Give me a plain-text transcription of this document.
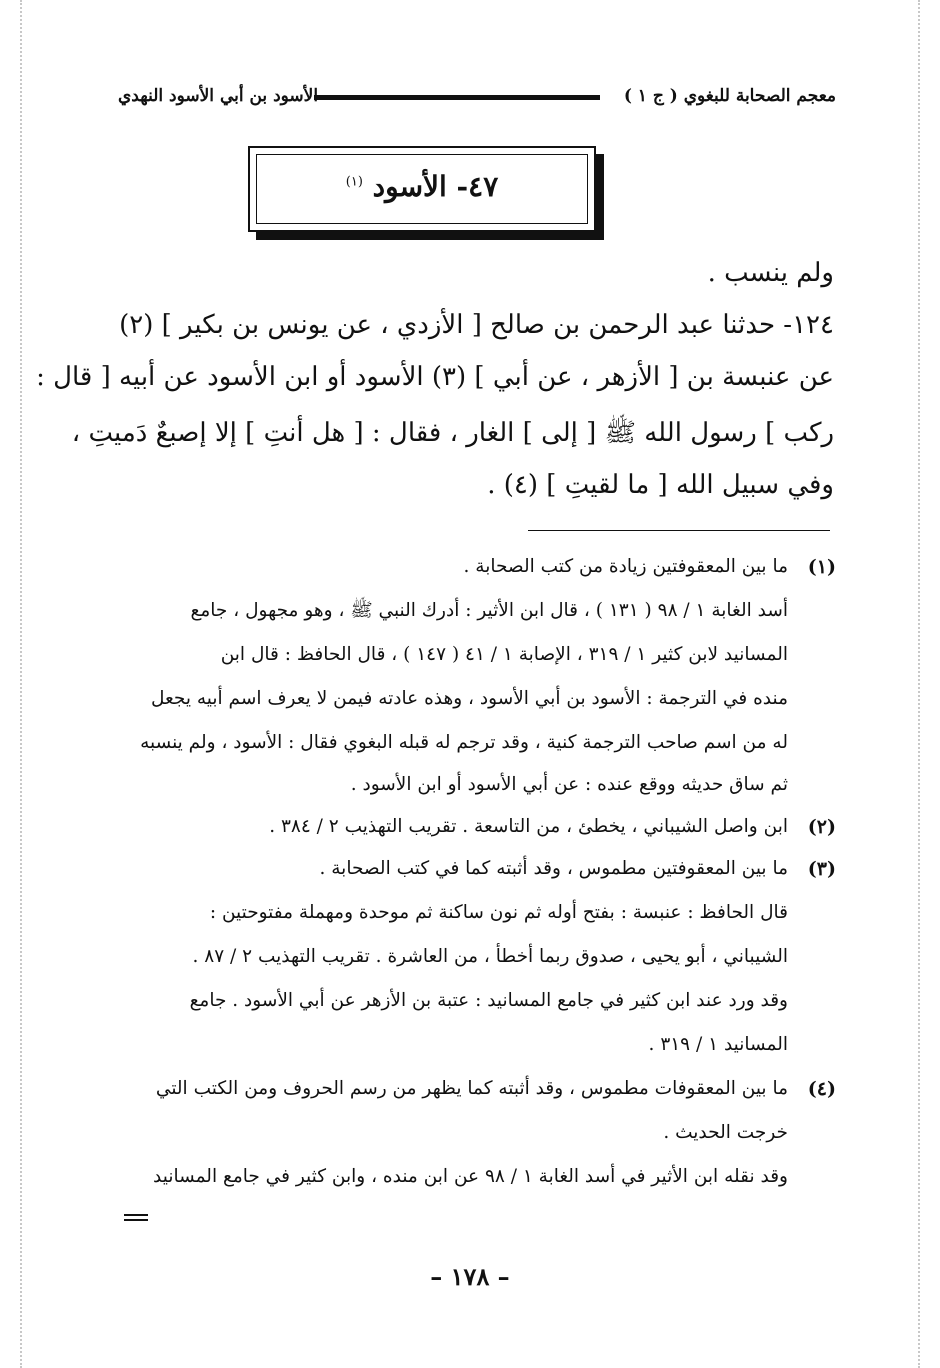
معجم الصحابة للبغوي ( ج ١ )
الأسود بن أبي الأسود النهدي
٤٧- الأسود $^{(١)}$
ولم ينسب .
١٢٤- حدثنا عبد الرحمن بن صالح [ الأزدي ، عن يونس بن بكير ] (٢)
عن عنبسة بن [ الأزهر ، عن أبي ] (٣) الأسود أو ابن الأسود عن أبيه [ قال :
ركب ] رسول الله ﷺ [ إلى ] الغار ، فقال : [ هل أنتِ ] إلا إصبعٌ دَميتِ ،
وفي سبيل الله [ ما لقيتِ ] (٤) .
(١)
ما بين المعقوفتين زيادة من كتب الصحابة .
أسد الغابة ١ / ٩٨ ( ١٣١ ) ، قال ابن الأثير : أدرك النبي ﷺ ، وهو مجهول ، جامع
المسانيد لابن كثير ١ / ٣١٩ ، الإصابة ١ / ٤١ ( ١٤٧ ) ، قال الحافظ : قال ابن
منده في الترجمة : الأسود بن أبي الأسود ، وهذه عادته فيمن لا يعرف اسم أبيه يجعل
له من اسم صاحب الترجمة كنية ، وقد ترجم له قبله البغوي فقال : الأسود ، ولم ينسبه
ثم ساق حديثه ووقع عنده : عن أبي الأسود أو ابن الأسود .
(٢)
ابن واصل الشيباني ، يخطئ ، من التاسعة . تقريب التهذيب ٢ / ٣٨٤ .
(٣)
ما بين المعقوفتين مطموس ، وقد أثبته كما في كتب الصحابة .
قال الحافظ : عنبسة : بفتح أوله ثم نون ساكنة ثم موحدة ومهملة مفتوحتين :
الشيباني ، أبو يحيى ، صدوق ربما أخطأ ، من العاشرة . تقريب التهذيب ٢ / ٨٧ .
وقد ورد عند ابن كثير في جامع المسانيد : عتبة بن الأزهر عن أبي الأسود . جامع
المسانيد ١ / ٣١٩ .
(٤)
ما بين المعقوفات مطموس ، وقد أثبته كما يظهر من رسم الحروف ومن الكتب التي
خرجت الحديث .
وقد نقله ابن الأثير في أسد الغابة ١ / ٩٨ عن ابن منده ، وابن كثير في جامع المسانيد
– ١٧٨ –
